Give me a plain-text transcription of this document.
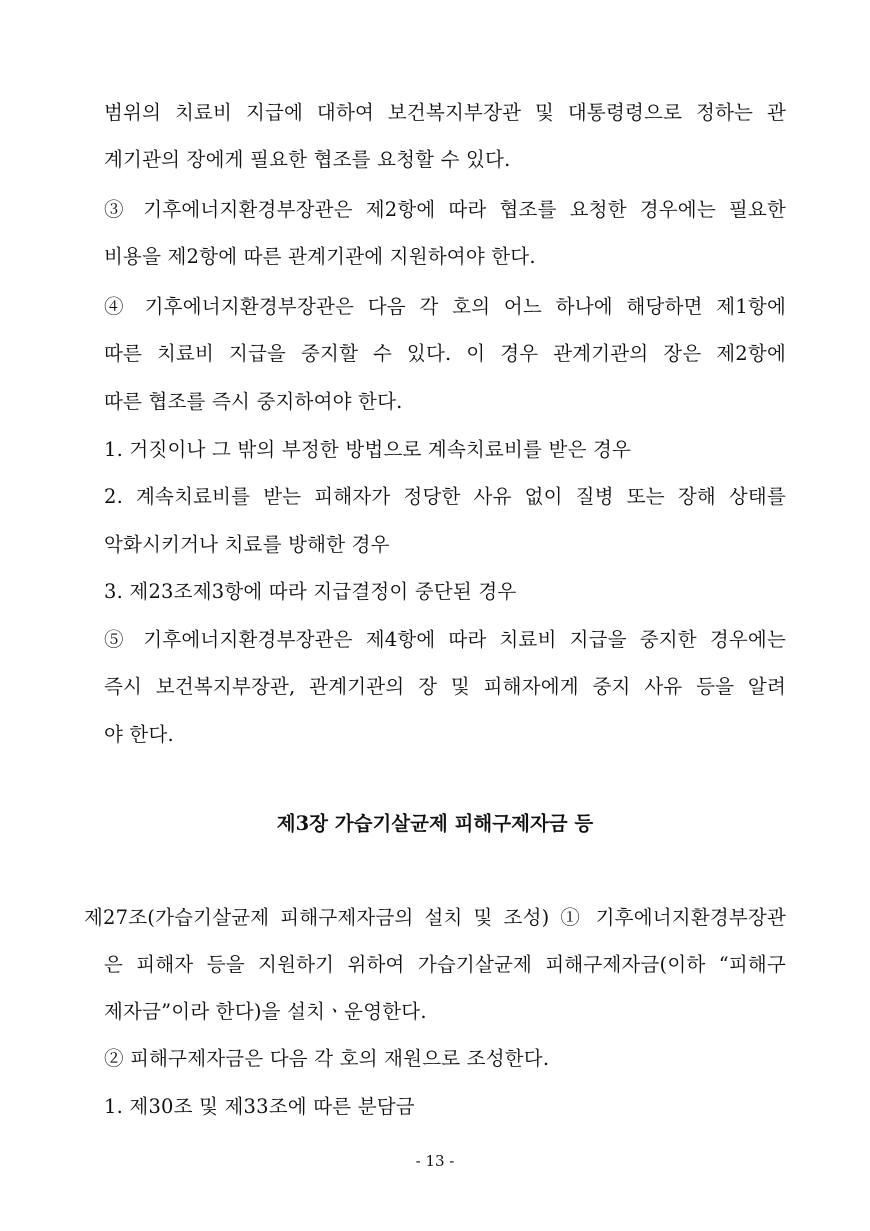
범위의 치료비 지급에 대하여 보건복지부장관 및 대통령령으로 정하는 관
계기관의 장에게 필요한 협조를 요청할 수 있다.
③ 기후에너지환경부장관은 제2항에 따라 협조를 요청한 경우에는 필요한
비용을 제2항에 따른 관계기관에 지원하여야 한다.
④ 기후에너지환경부장관은 다음 각 호의 어느 하나에 해당하면 제1항에
따른 치료비 지급을 중지할 수 있다. 이 경우 관계기관의 장은 제2항에
따른 협조를 즉시 중지하여야 한다.
1. 거짓이나 그 밖의 부정한 방법으로 계속치료비를 받은 경우
2. 계속치료비를 받는 피해자가 정당한 사유 없이 질병 또는 장해 상태를
악화시키거나 치료를 방해한 경우
3. 제23조제3항에 따라 지급결정이 중단된 경우
⑤ 기후에너지환경부장관은 제4항에 따라 치료비 지급을 중지한 경우에는
즉시 보건복지부장관, 관계기관의 장 및 피해자에게 중지 사유 등을 알려
야 한다.
제3장 가습기살균제 피해구제자금 등
제27조(가습기살균제 피해구제자금의 설치 및 조성) ① 기후에너지환경부장관
은 피해자 등을 지원하기 위하여 가습기살균제 피해구제자금(이하 “피해구
제자금”이라 한다)을 설치ㆍ운영한다.
② 피해구제자금은 다음 각 호의 재원으로 조성한다.
1. 제30조 및 제33조에 따른 분담금
- 13 -
